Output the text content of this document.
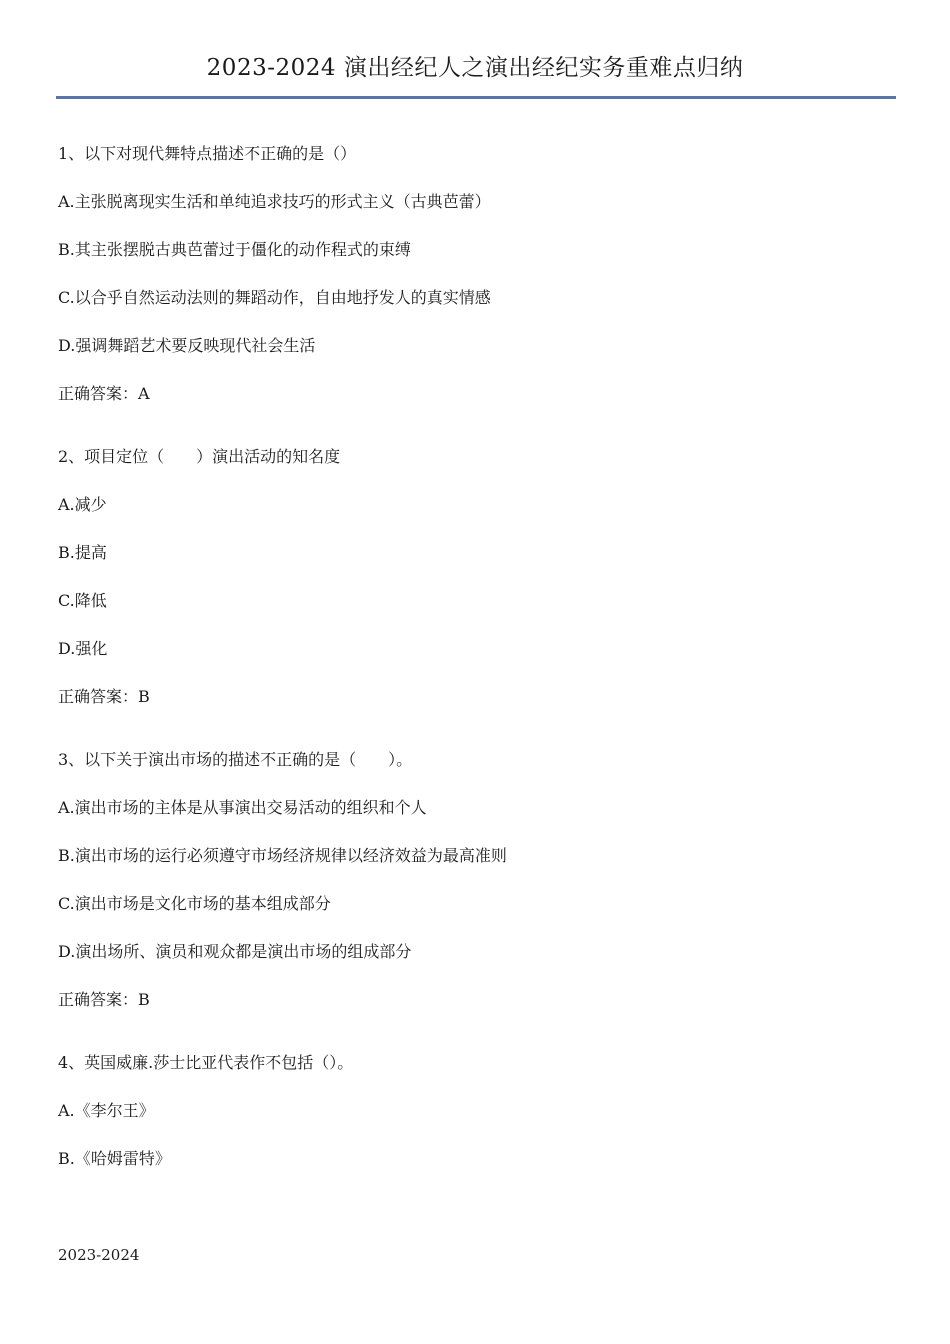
2023-2024 演出经纪人之演出经纪实务重难点归纳
1、以下对现代舞特点描述不正确的是（）
A.主张脱离现实生活和单纯追求技巧的形式主义（古典芭蕾）
B.其主张摆脱古典芭蕾过于僵化的动作程式的束缚
C.以合乎自然运动法则的舞蹈动作，自由地抒发人的真实情感
D.强调舞蹈艺术要反映现代社会生活
正确答案：A
2、项目定位（　　）演出活动的知名度
A.减少
B.提高
C.降低
D.强化
正确答案：B
3、以下关于演出市场的描述不正确的是（　　）。
A.演出市场的主体是从事演出交易活动的组织和个人
B.演出市场的运行必须遵守市场经济规律以经济效益为最高准则
C.演出市场是文化市场的基本组成部分
D.演出场所、演员和观众都是演出市场的组成部分
正确答案：B
4、英国威廉.莎士比亚代表作不包括（）。
A.《李尔王》
B.《哈姆雷特》
2023-2024
